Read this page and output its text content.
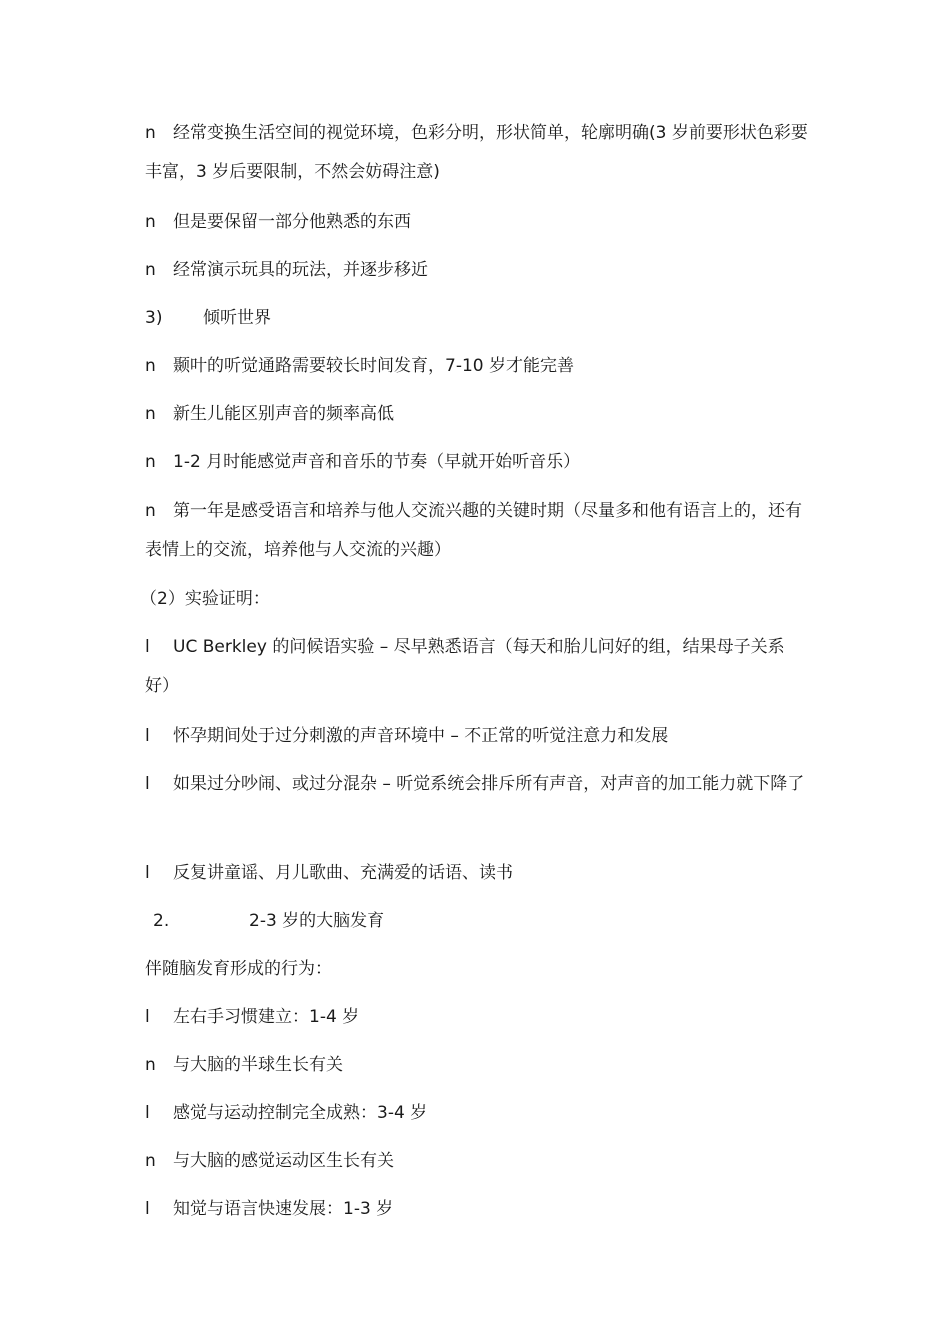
n 经常变换生活空间的视觉环境，色彩分明，形状简单，轮廓明确(3 岁前要形状色彩要丰富，3 岁后要限制，不然会妨碍注意)

n 但是要保留一部分他熟悉的东西

n 经常演示玩具的玩法，并逐步移近

3) 倾听世界

n 颞叶的听觉通路需要较长时间发育，7-10 岁才能完善

n 新生儿能区别声音的频率高低

n 1-2 月时能感觉声音和音乐的节奏（早就开始听音乐）

n 第一年是感受语言和培养与他人交流兴趣的关键时期（尽量多和他有语言上的，还有表情上的交流，培养他与人交流的兴趣）

（2）实验证明：

l UC Berkley 的问候语实验 – 尽早熟悉语言（每天和胎儿问好的组，结果母子关系好）

l 怀孕期间处于过分刺激的声音环境中 – 不正常的听觉注意力和发展

l 如果过分吵闹、或过分混杂 – 听觉系统会排斥所有声音，对声音的加工能力就下降了

l 反复讲童谣、月儿歌曲、充满爱的话语、读书

2.	2-3 岁的大脑发育

伴随脑发育形成的行为：

l 左右手习惯建立：1-4 岁

n 与大脑的半球生长有关

l 感觉与运动控制完全成熟：3-4 岁

n 与大脑的感觉运动区生长有关

l 知觉与语言快速发展：1-3 岁
